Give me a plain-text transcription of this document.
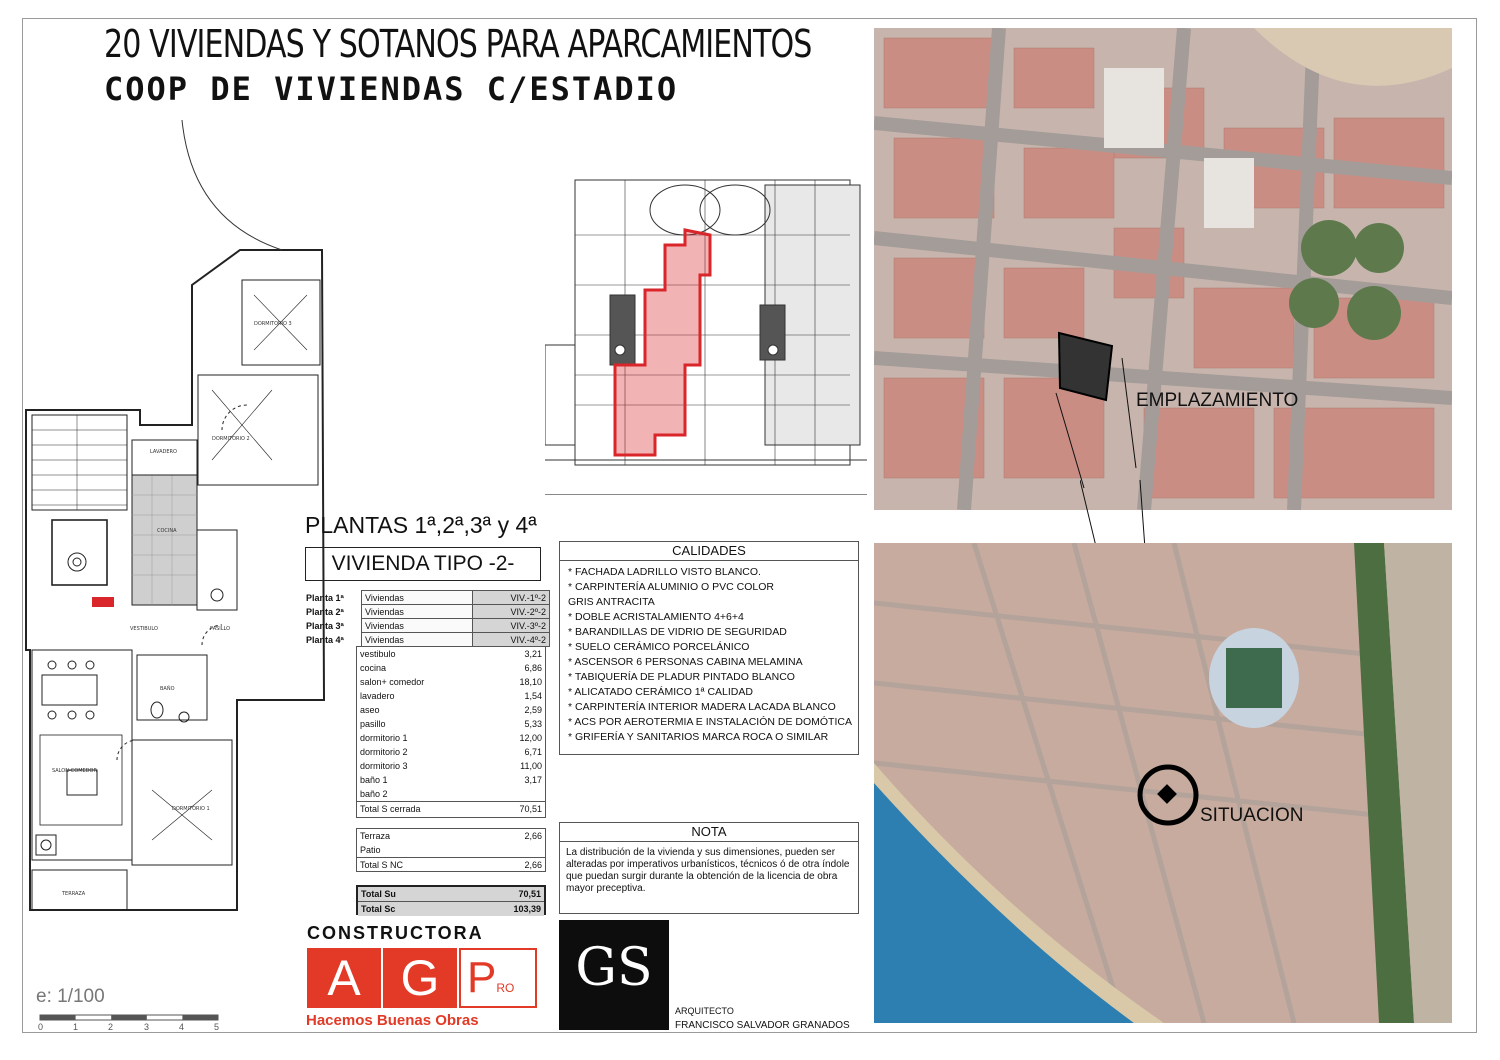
20 VIVIENDAS Y SOTANOS PARA APARCAMIENTOS
COOP DE VIVIENDAS C/ESTADIO
DORMITORIO 3
DORMITORIO 2
LAVADERO
COCINA
VESTIBULO	PASILLO
BAÑO
SALON-COMEDOR
DORMITORIO 1
TERRAZA
e: 1/100
0	1	2	3	4	5
PLANTAS 1ª,2ª,3ª y 4ª
VIVIENDA TIPO -2-
Planta 1ª	Viviendas	VIV.-1º-2
Planta 2ª	Viviendas	VIV.-2º-2
Planta 3ª	Viviendas	VIV.-3º-2
Planta 4ª	Viviendas	VIV.-4º-2
vestibulo	3,21
cocina	6,86
salon+ comedor	18,10
lavadero	1,54
aseo	2,59
pasillo	5,33
dormitorio 1	12,00
dormitorio 2	6,71
dormitorio 3	11,00
baño 1	3,17
baño 2
Total S cerrada	70,51
Terraza	2,66
Patio
Total S NC	2,66
Total Su	70,51
Total Sc	103,39
CALIDADES
* FACHADA LADRILLO VISTO BLANCO.
* CARPINTERÍA ALUMINIO O PVC COLOR
GRIS ANTRACITA
* DOBLE ACRISTALAMIENTO 4+6+4
* BARANDILLAS DE VIDRIO DE SEGURIDAD
* SUELO CERÁMICO PORCELÁNICO
* ASCENSOR 6 PERSONAS CABINA MELAMINA
* TABIQUERÍA DE PLADUR PINTADO BLANCO
* ALICATADO CERÁMICO 1ª CALIDAD
* CARPINTERÍA INTERIOR MADERA LACADA BLANCO
* ACS POR AEROTERMIA E INSTALACIÓN DE DOMÓTICA
* GRIFERÍA Y SANITARIOS MARCA ROCA O SIMILAR
NOTA
La distribución de la vivienda y sus dimensiones, pueden ser alteradas por imperativos urbanísticos, técnicos ó de otra índole que puedan surgir durante la obtención de la licencia de obra mayor preceptiva.
CONSTRUCTORA
A G PRO
Hacemos Buenas Obras
GS
ARQUITECTO
FRANCISCO SALVADOR GRANADOS
EMPLAZAMIENTO
SITUACION
